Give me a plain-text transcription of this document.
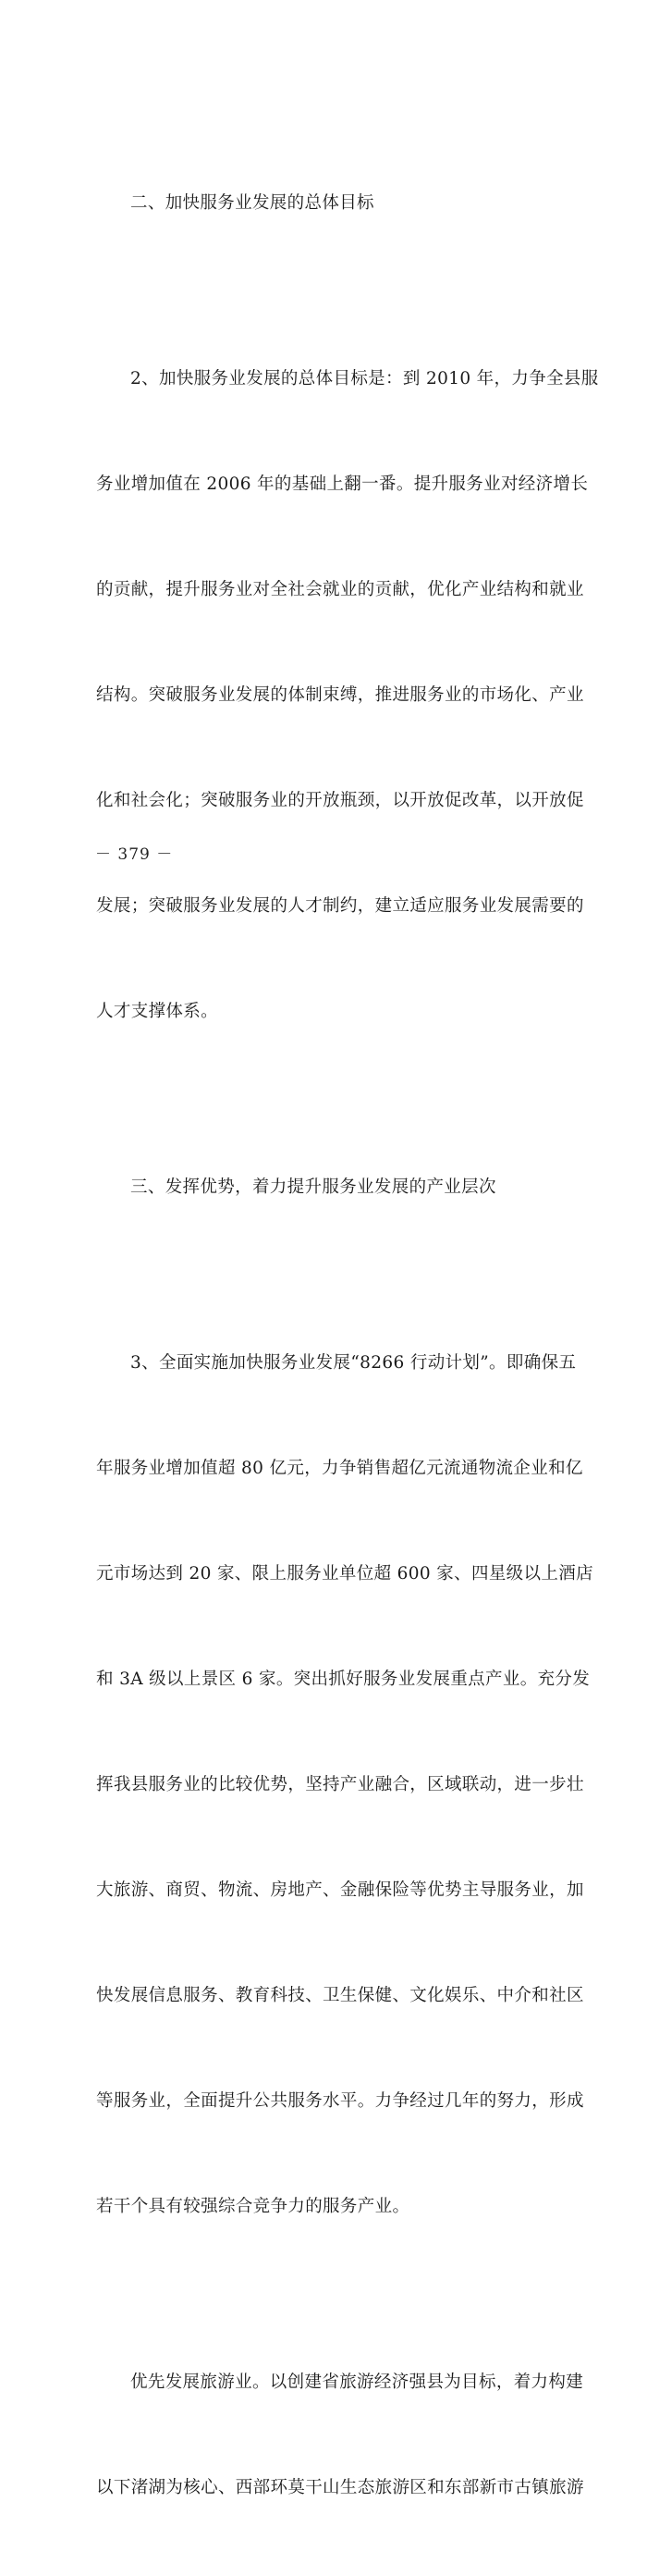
二、加快服务业发展的总体目标

2、加快服务业发展的总体目标是：到 2010 年，力争全县服

务业增加值在 2006 年的基础上翻一番。提升服务业对经济增长

的贡献，提升服务业对全社会就业的贡献，优化产业结构和就业

结构。突破服务业发展的体制束缚，推进服务业的市场化、产业

化和社会化；突破服务业的开放瓶颈，以开放促改革，以开放促

发展；突破服务业发展的人才制约，建立适应服务业发展需要的

人才支撑体系。

三、发挥优势，着力提升服务业发展的产业层次

3、全面实施加快服务业发展“8266 行动计划”。即确保五

年服务业增加值超 80 亿元，力争销售超亿元流通物流企业和亿

元市场达到 20 家、限上服务业单位超 600 家、四星级以上酒店

和 3A 级以上景区 6 家。突出抓好服务业发展重点产业。充分发

挥我县服务业的比较优势，坚持产业融合，区域联动，进一步壮

大旅游、商贸、物流、房地产、金融保险等优势主导服务业，加

快发展信息服务、教育科技、卫生保健、文化娱乐、中介和社区

等服务业，全面提升公共服务水平。力争经过几年的努力，形成

若干个具有较强综合竞争力的服务产业。

优先发展旅游业。以创建省旅游经济强县为目标，着力构建

以下渚湖为核心、西部环莫干山生态旅游区和东部新市古镇旅游

－ 379 －
